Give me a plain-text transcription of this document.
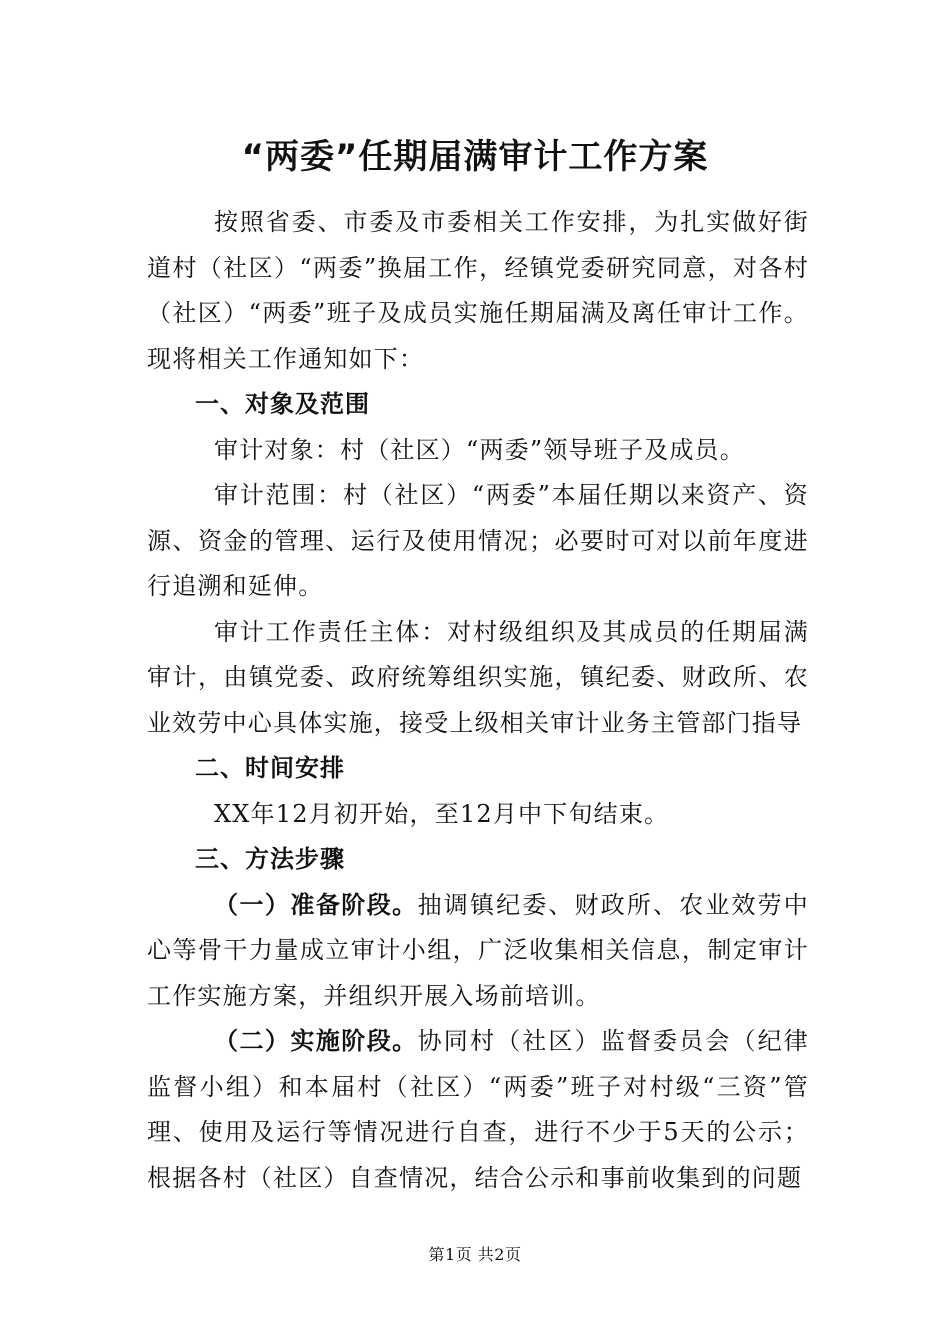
“两委”任期届满审计工作方案

按照省委、市委及市委相关工作安排，为扎实做好街道村（社区）“两委”换届工作，经镇党委研究同意，对各村（社区）“两委”班子及成员实施任期届满及离任审计工作。现将相关工作通知如下：

一、对象及范围

审计对象：村（社区）“两委”领导班子及成员。

审计范围：村（社区）“两委”本届任期以来资产、资源、资金的管理、运行及使用情况；必要时可对以前年度进行追溯和延伸。

审计工作责任主体：对村级组织及其成员的任期届满审计，由镇党委、政府统筹组织实施，镇纪委、财政所、农业效劳中心具体实施，接受上级相关审计业务主管部门指导

二、时间安排

XX年12月初开始，至12月中下旬结束。

三、方法步骤

（一）准备阶段。抽调镇纪委、财政所、农业效劳中心等骨干力量成立审计小组，广泛收集相关信息，制定审计工作实施方案，并组织开展入场前培训。

（二）实施阶段。协同村（社区）监督委员会（纪律监督小组）和本届村（社区）“两委”班子对村级“三资”管理、使用及运行等情况进行自查，进行不少于5天的公示；根据各村（社区）自查情况，结合公示和事前收集到的问题

第1页 共2页
